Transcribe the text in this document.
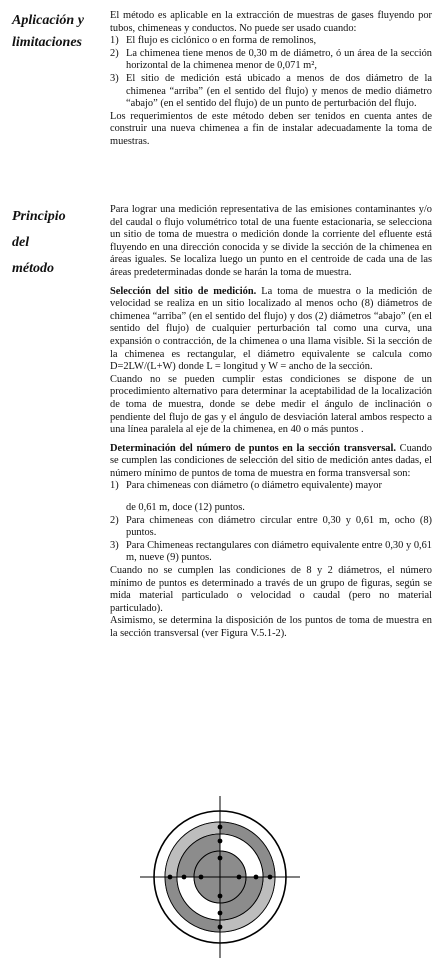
Aplicación y limitaciones

El método es aplicable en la extracción de muestras de gases fluyendo por tubos, chimeneas y conductos. No puede ser usado cuando:

1) El flujo es ciclónico o en forma de remolinos,
2) La chimenea tiene menos de 0,30 m de diámetro, ó un área de la sección horizontal de la chimenea menor de 0,071 m²,
3) El sitio de medición está ubicado a menos de dos diámetro de la chimenea “arriba” (en el sentido del flujo) y menos de medio diámetro “abajo” (en el sentido del flujo) de un punto de perturbación del flujo.

Los requerimientos de este método deben ser tenidos en cuenta antes de construir una nueva chimenea a fin de instalar adecuadamente la toma de muestras.

Principio
del
método

Para lograr una medición representativa de las emisiones contaminantes y/o del caudal o flujo volumétrico total de una fuente estacionaria, se selecciona un sitio de toma de muestra o medición donde la corriente del efluente está fluyendo en una dirección conocida y se divide la sección de la chimenea en áreas iguales. Se localiza luego un punto en el centroide de cada una de las áreas predeterminadas donde se harán la toma de muestra.

Selección del sitio de medición. La toma de muestra o la medición de velocidad se realiza en un sitio localizado al menos ocho (8) diámetros de chimenea “arriba” (en el sentido del flujo) y dos (2) diámetros “abajo” (en el sentido del flujo) de cualquier perturbación tal como una curva, una expansión o contracción, de la chimenea o una llama visible. Si la sección de la chimenea es rectangular, el diámetro equivalente se calcula como D=2LW/(L+W) donde L = longitud y W = ancho de la sección.

Cuando no se pueden cumplir estas condiciones se dispone de un procedimiento alternativo para determinar la aceptabilidad de la localización de toma de muestra, donde se debe medir el ángulo de inclinación o pendiente del flujo de gas y el ángulo de desviación lateral ambos respecto a una línea paralela al eje de la chimenea, en 40 o más puntos .

Determinación del número de puntos en la sección transversal. Cuando se cumplen las condiciones de selección del sitio de medición antes dadas, el número mínimo de puntos de toma de muestra en forma transversal son:

1) Para chimeneas con diámetro (o diámetro equivalente) mayor
de 0,61 m, doce (12) puntos.
2) Para chimeneas con diámetro circular entre 0,30 y 0,61 m, ocho (8) puntos.
3) Para Chimeneas rectangulares con diámetro equivalente entre 0,30 y 0,61 m, nueve (9) puntos.

Cuando no se cumplen las condiciones de 8 y 2 diámetros, el número mínimo de puntos es determinado a través de un grupo de figuras, según se mida material particulado o velocidad o caudal (pero no material particulado).

Asimismo, se determina la disposición de los puntos de toma de muestra en la sección transversal (ver Figura V.5.1-2).
